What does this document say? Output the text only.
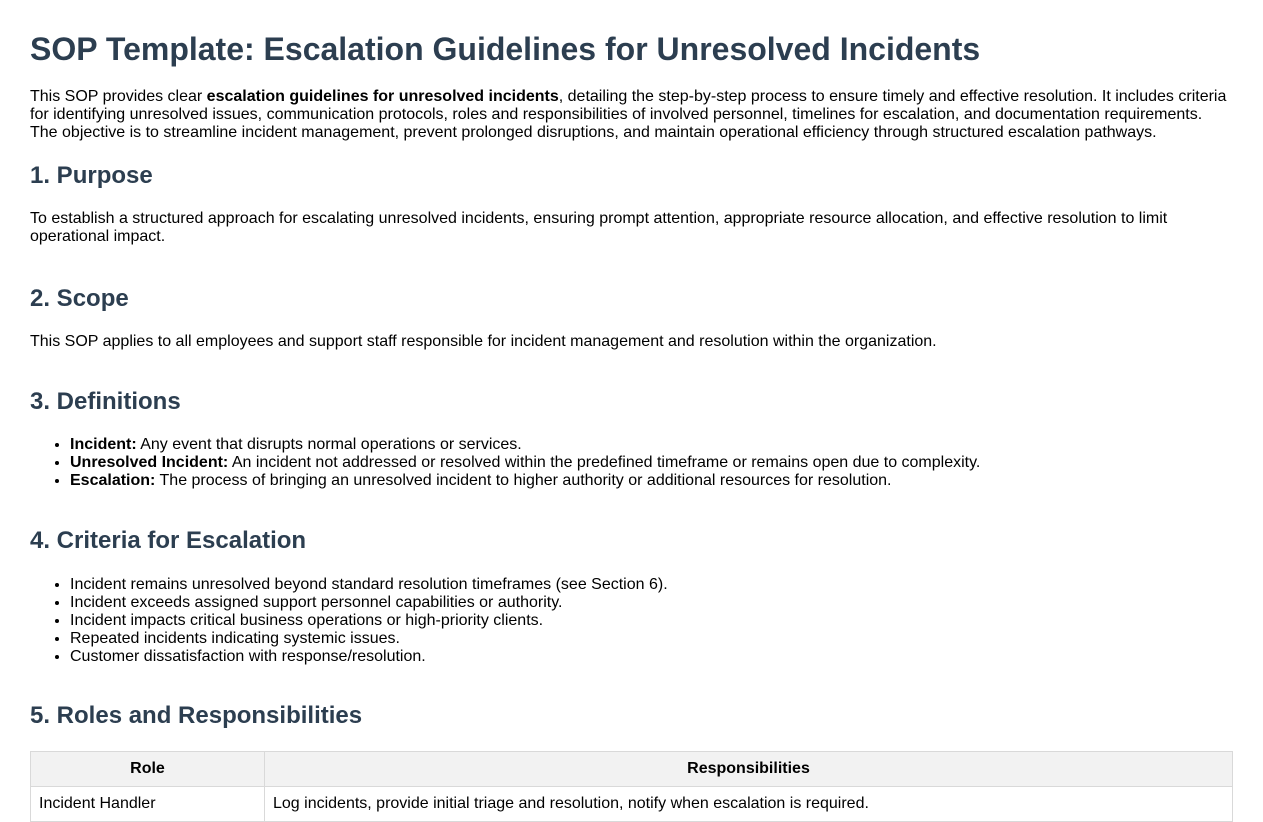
SOP Template: Escalation Guidelines for Unresolved Incidents

This SOP provides clear escalation guidelines for unresolved incidents, detailing the step-by-step process to ensure timely and effective resolution. It includes criteria for identifying unresolved issues, communication protocols, roles and responsibilities of involved personnel, timelines for escalation, and documentation requirements. The objective is to streamline incident management, prevent prolonged disruptions, and maintain operational efficiency through structured escalation pathways.

1. Purpose

To establish a structured approach for escalating unresolved incidents, ensuring prompt attention, appropriate resource allocation, and effective resolution to limit operational impact.

2. Scope

This SOP applies to all employees and support staff responsible for incident management and resolution within the organization.

3. Definitions
• Incident: Any event that disrupts normal operations or services.
• Unresolved Incident: An incident not addressed or resolved within the predefined timeframe or remains open due to complexity.
• Escalation: The process of bringing an unresolved incident to higher authority or additional resources for resolution.
4. Criteria for Escalation
• Incident remains unresolved beyond standard resolution timeframes (see Section 6).
• Incident exceeds assigned support personnel capabilities or authority.
• Incident impacts critical business operations or high-priority clients.
• Repeated incidents indicating systemic issues.
• Customer dissatisfaction with response/resolution.
5. Roles and Responsibilities
Role	Responsibilities
Incident Handler	Log incidents, provide initial triage and resolution, notify when escalation is required.
